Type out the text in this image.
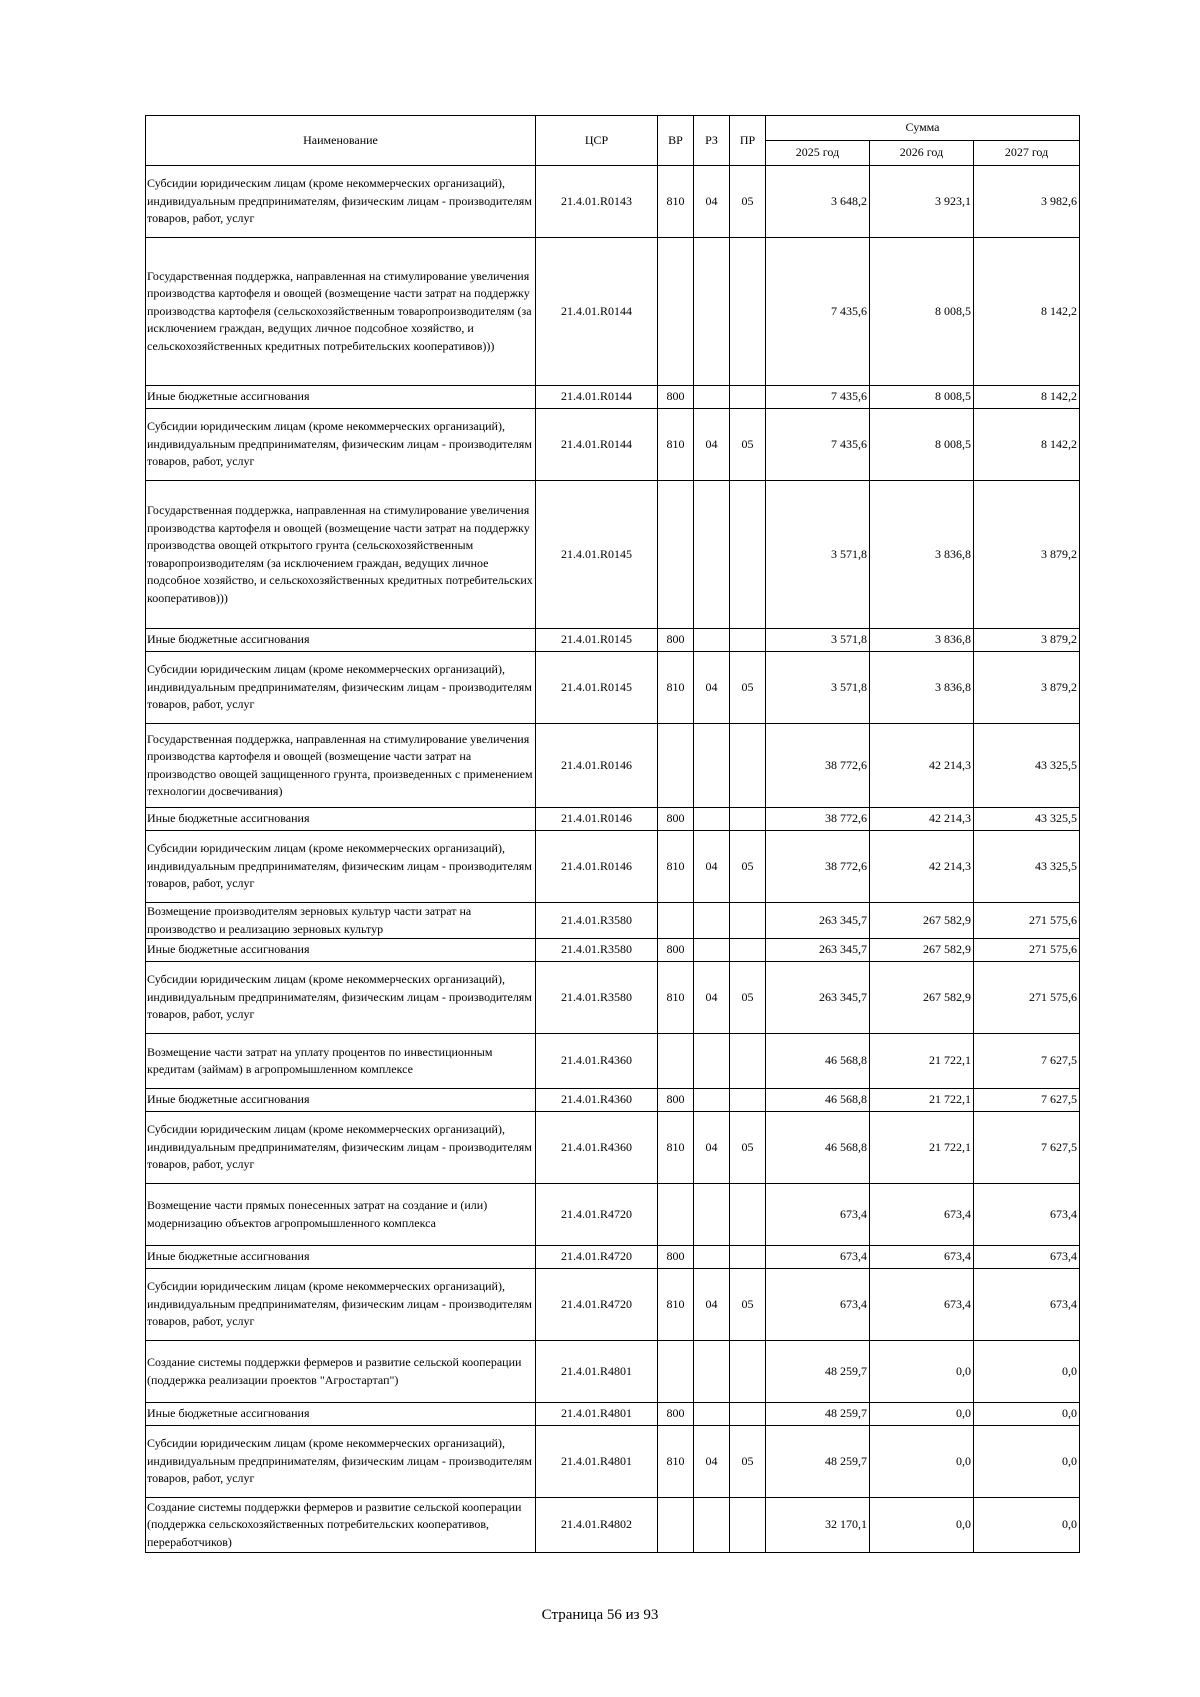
Наименование	ЦСР	ВР	РЗ	ПР	Сумма		
					2025 год	2026 год	2027 год
Субсидии юридическим лицам (кроме некоммерческих организаций), индивидуальным предпринимателям, физическим лицам - производителям товаров, работ, услуг	21.4.01.R0143	810	04	05	3 648,2	3 923,1	3 982,6
Государственная поддержка, направленная на стимулирование увеличения производства картофеля и овощей (возмещение части затрат на поддержку производства картофеля (сельскохозяйственным товаропроизводителям (за исключением граждан, ведущих личное подсобное хозяйство, и сельскохозяйственных кредитных потребительских кооперативов)))	21.4.01.R0144				7 435,6	8 008,5	8 142,2
Иные бюджетные ассигнования	21.4.01.R0144	800			7 435,6	8 008,5	8 142,2
Субсидии юридическим лицам (кроме некоммерческих организаций), индивидуальным предпринимателям, физическим лицам - производителям товаров, работ, услуг	21.4.01.R0144	810	04	05	7 435,6	8 008,5	8 142,2
Государственная поддержка, направленная на стимулирование увеличения производства картофеля и овощей (возмещение части затрат на поддержку производства овощей открытого грунта (сельскохозяйственным товаропроизводителям (за исключением граждан, ведущих личное подсобное хозяйство, и сельскохозяйственных кредитных потребительских кооперативов)))	21.4.01.R0145				3 571,8	3 836,8	3 879,2
Иные бюджетные ассигнования	21.4.01.R0145	800			3 571,8	3 836,8	3 879,2
Субсидии юридическим лицам (кроме некоммерческих организаций), индивидуальным предпринимателям, физическим лицам - производителям товаров, работ, услуг	21.4.01.R0145	810	04	05	3 571,8	3 836,8	3 879,2
Государственная поддержка, направленная на стимулирование увеличения производства картофеля и овощей (возмещение части затрат на производство овощей защищенного грунта, произведенных с применением технологии досвечивания)	21.4.01.R0146				38 772,6	42 214,3	43 325,5
Иные бюджетные ассигнования	21.4.01.R0146	800			38 772,6	42 214,3	43 325,5
Субсидии юридическим лицам (кроме некоммерческих организаций), индивидуальным предпринимателям, физическим лицам - производителям товаров, работ, услуг	21.4.01.R0146	810	04	05	38 772,6	42 214,3	43 325,5
Возмещение производителям зерновых культур части затрат на производство и реализацию зерновых культур	21.4.01.R3580				263 345,7	267 582,9	271 575,6
Иные бюджетные ассигнования	21.4.01.R3580	800			263 345,7	267 582,9	271 575,6
Субсидии юридическим лицам (кроме некоммерческих организаций), индивидуальным предпринимателям, физическим лицам - производителям товаров, работ, услуг	21.4.01.R3580	810	04	05	263 345,7	267 582,9	271 575,6
Возмещение части затрат на уплату процентов по инвестиционным кредитам (займам) в агропромышленном комплексе	21.4.01.R4360				46 568,8	21 722,1	7 627,5
Иные бюджетные ассигнования	21.4.01.R4360	800			46 568,8	21 722,1	7 627,5
Субсидии юридическим лицам (кроме некоммерческих организаций), индивидуальным предпринимателям, физическим лицам - производителям товаров, работ, услуг	21.4.01.R4360	810	04	05	46 568,8	21 722,1	7 627,5
Возмещение части прямых понесенных затрат на создание и (или) модернизацию объектов агропромышленного комплекса	21.4.01.R4720				673,4	673,4	673,4
Иные бюджетные ассигнования	21.4.01.R4720	800			673,4	673,4	673,4
Субсидии юридическим лицам (кроме некоммерческих организаций), индивидуальным предпринимателям, физическим лицам - производителям товаров, работ, услуг	21.4.01.R4720	810	04	05	673,4	673,4	673,4
Создание системы поддержки фермеров и развитие сельской кооперации (поддержка реализации проектов "Агростартап")	21.4.01.R4801				48 259,7	0,0	0,0
Иные бюджетные ассигнования	21.4.01.R4801	800			48 259,7	0,0	0,0
Субсидии юридическим лицам (кроме некоммерческих организаций), индивидуальным предпринимателям, физическим лицам - производителям товаров, работ, услуг	21.4.01.R4801	810	04	05	48 259,7	0,0	0,0
Создание системы поддержки фермеров и развитие сельской кооперации (поддержка сельскохозяйственных потребительских кооперативов, переработчиков)	21.4.01.R4802				32 170,1	0,0	0,0
Страница 56 из 93
